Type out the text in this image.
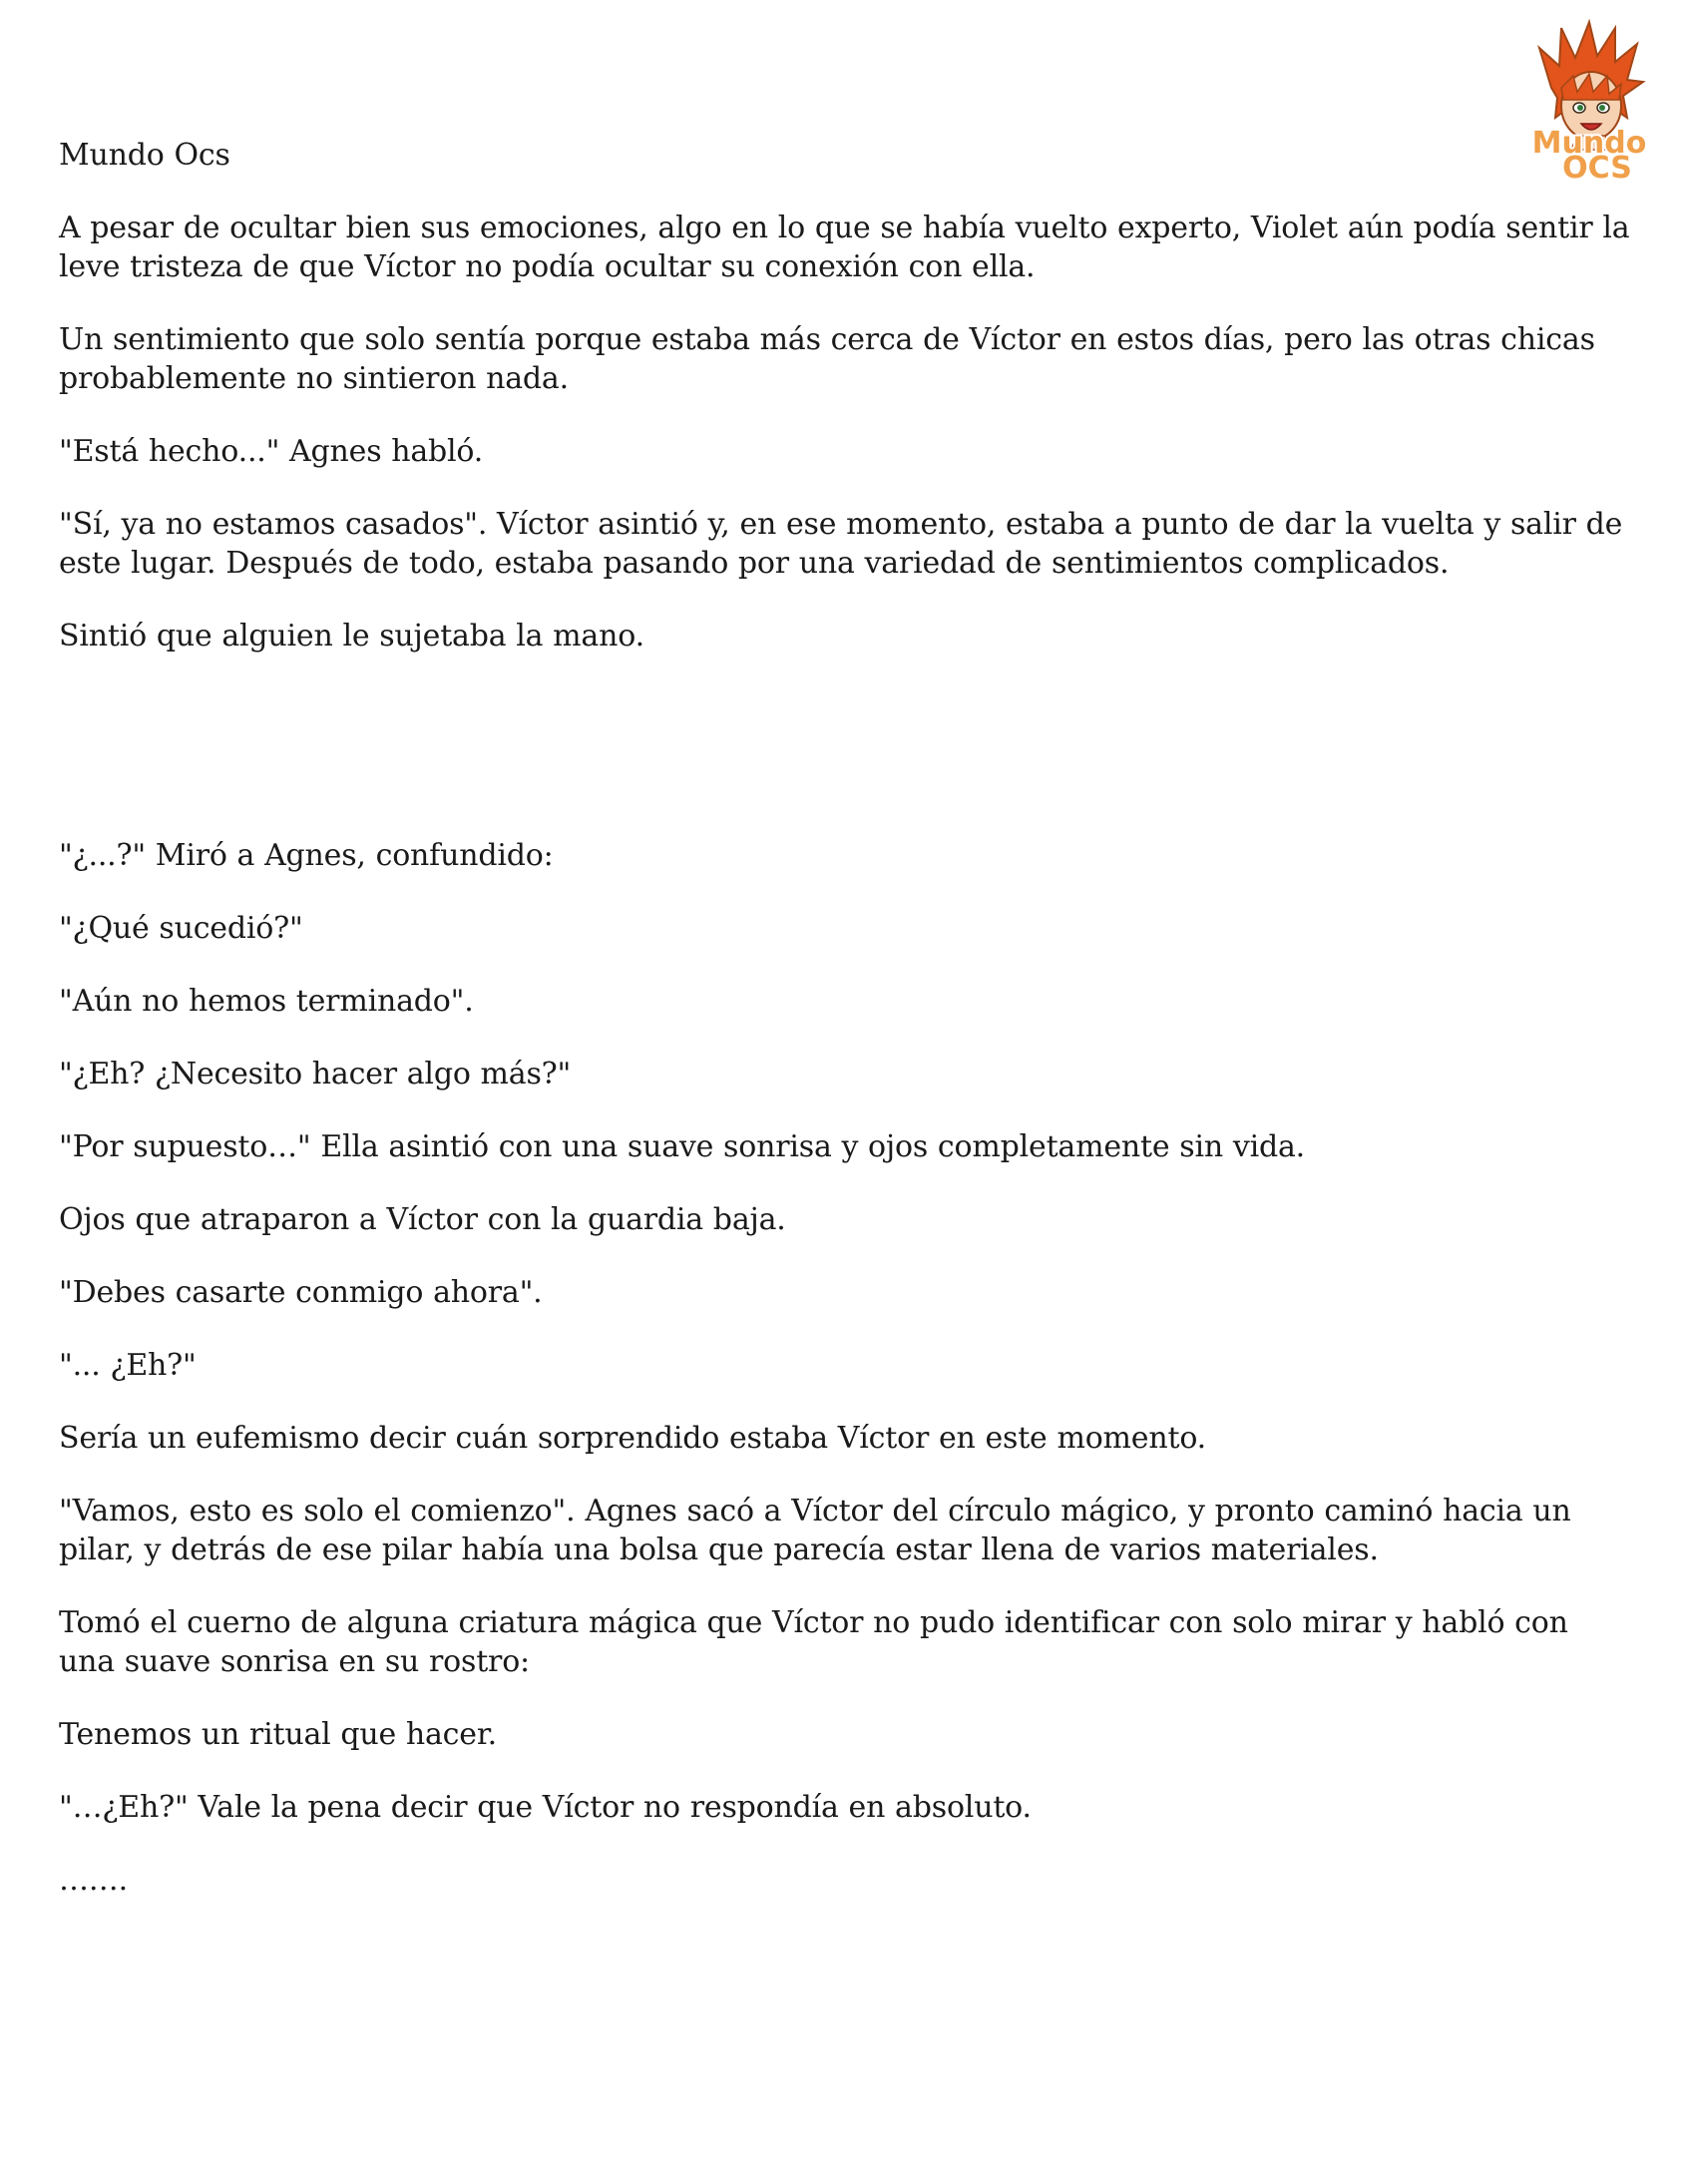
Mundo
OCS

Mundo Ocs

A pesar de ocultar bien sus emociones, algo en lo que se había vuelto experto, Violet aún podía sentir la leve tristeza de que Víctor no podía ocultar su conexión con ella.

Un sentimiento que solo sentía porque estaba más cerca de Víctor en estos días, pero las otras chicas probablemente no sintieron nada.

"Está hecho..." Agnes habló.

"Sí, ya no estamos casados". Víctor asintió y, en ese momento, estaba a punto de dar la vuelta y salir de este lugar. Después de todo, estaba pasando por una variedad de sentimientos complicados.

Sintió que alguien le sujetaba la mano.

"¿...?" Miró a Agnes, confundido:

"¿Qué sucedió?"

"Aún no hemos terminado".

"¿Eh? ¿Necesito hacer algo más?"

"Por supuesto…" Ella asintió con una suave sonrisa y ojos completamente sin vida.

Ojos que atraparon a Víctor con la guardia baja.

"Debes casarte conmigo ahora".

"... ¿Eh?"

Sería un eufemismo decir cuán sorprendido estaba Víctor en este momento.

"Vamos, esto es solo el comienzo". Agnes sacó a Víctor del círculo mágico, y pronto caminó hacia un pilar, y detrás de ese pilar había una bolsa que parecía estar llena de varios materiales.

Tomó el cuerno de alguna criatura mágica que Víctor no pudo identificar con solo mirar y habló con una suave sonrisa en su rostro:

Tenemos un ritual que hacer.

"…¿Eh?" Vale la pena decir que Víctor no respondía en absoluto.

…….
